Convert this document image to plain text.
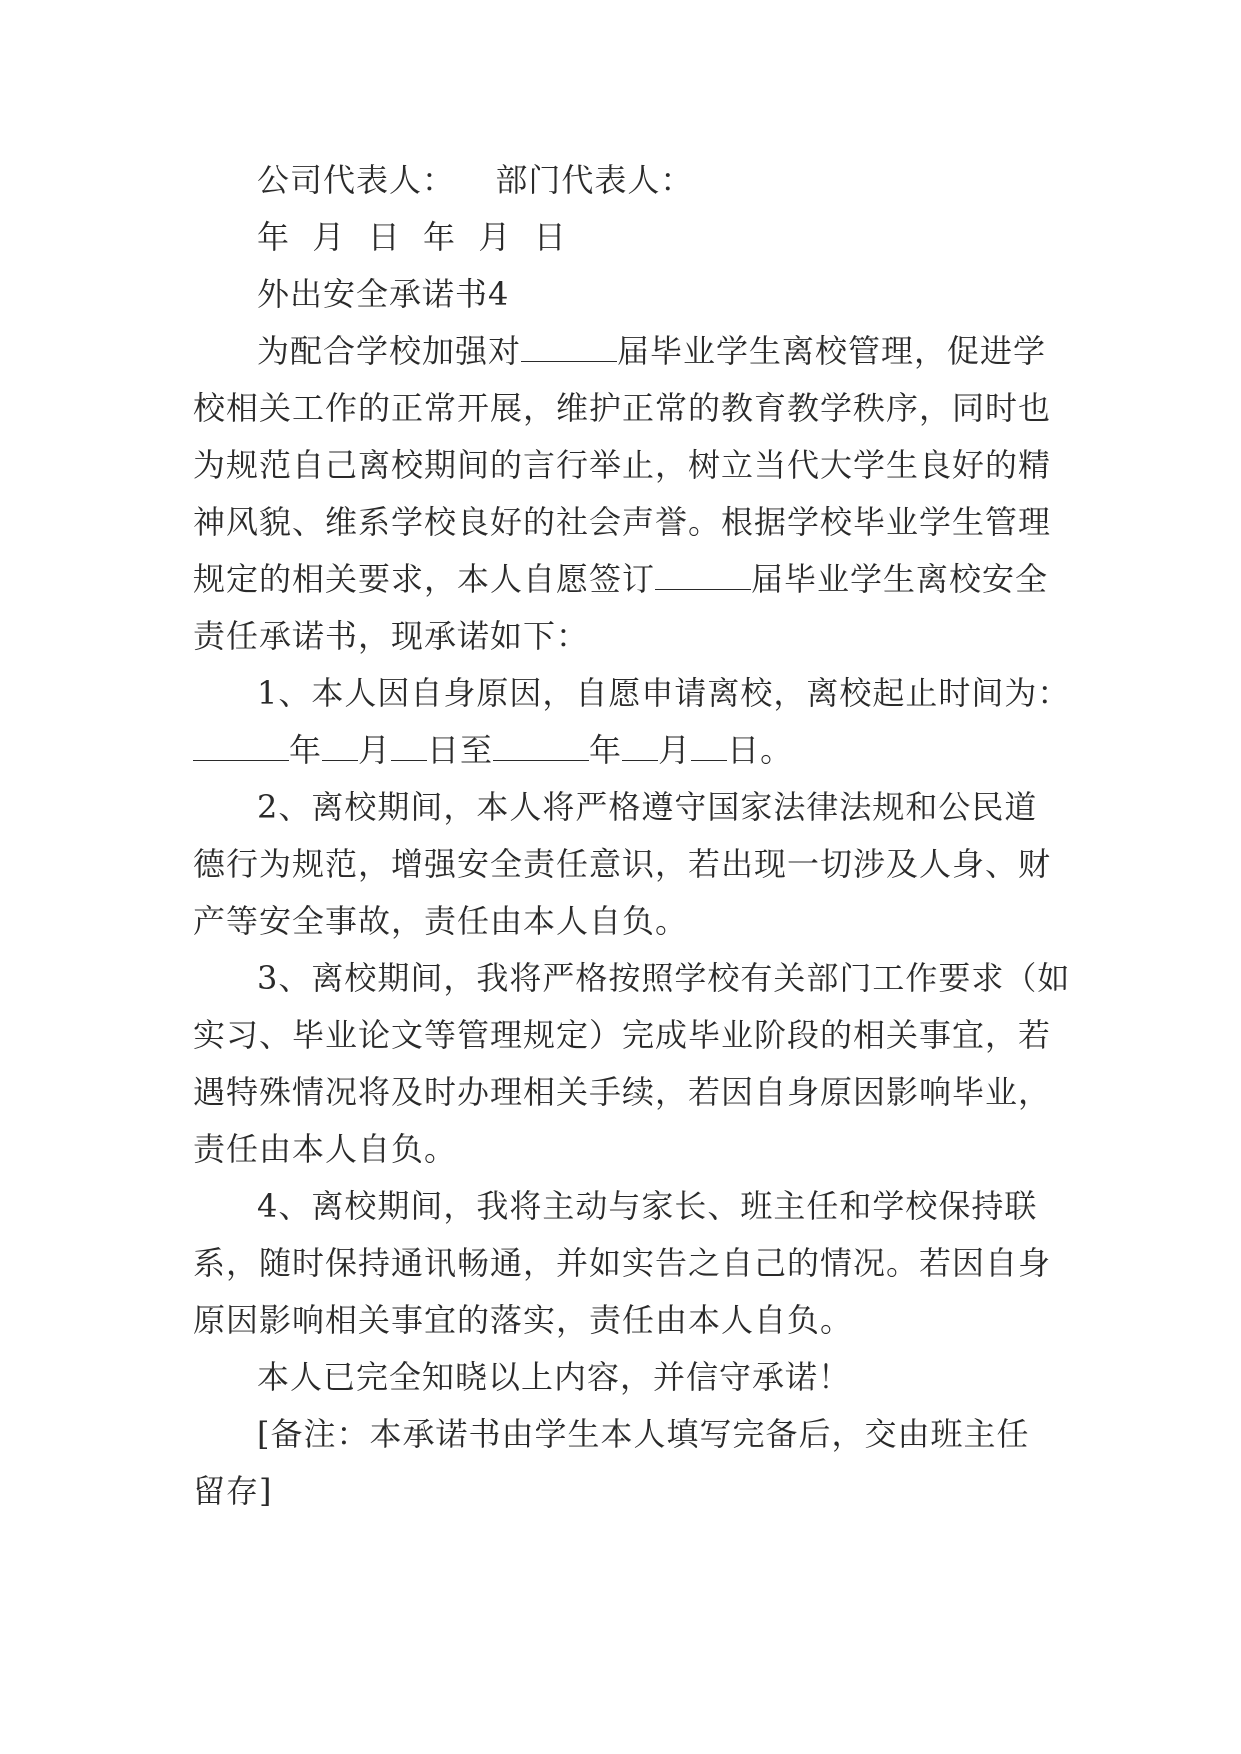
公司代表人： 部门代表人：
年  月  日  年  月  日
外出安全承诺书4
为配合学校加强对	届毕业学生离校管理，促进学
校相关工作的正常开展，维护正常的教育教学秩序，同时也
为规范自己离校期间的言行举止，树立当代大学生良好的精
神风貌、维系学校良好的社会声誉。根据学校毕业学生管理
规定的相关要求，本人自愿签订	届毕业学生离校安全
责任承诺书，现承诺如下：
1、本人因自身原因，自愿申请离校，离校起止时间为：
年 月 日至	年 月 日。
2、离校期间，本人将严格遵守国家法律法规和公民道
德行为规范，增强安全责任意识，若出现一切涉及人身、财
产等安全事故，责任由本人自负。
3、离校期间，我将严格按照学校有关部门工作要求（如
实习、毕业论文等管理规定）完成毕业阶段的相关事宜，若
遇特殊情况将及时办理相关手续，若因自身原因影响毕业，
责任由本人自负。
4、离校期间，我将主动与家长、班主任和学校保持联
系，随时保持通讯畅通，并如实告之自己的情况。若因自身
原因影响相关事宜的落实，责任由本人自负。
本人已完全知晓以上内容，并信守承诺！
[备注：本承诺书由学生本人填写完备后，交由班主任
留存]
